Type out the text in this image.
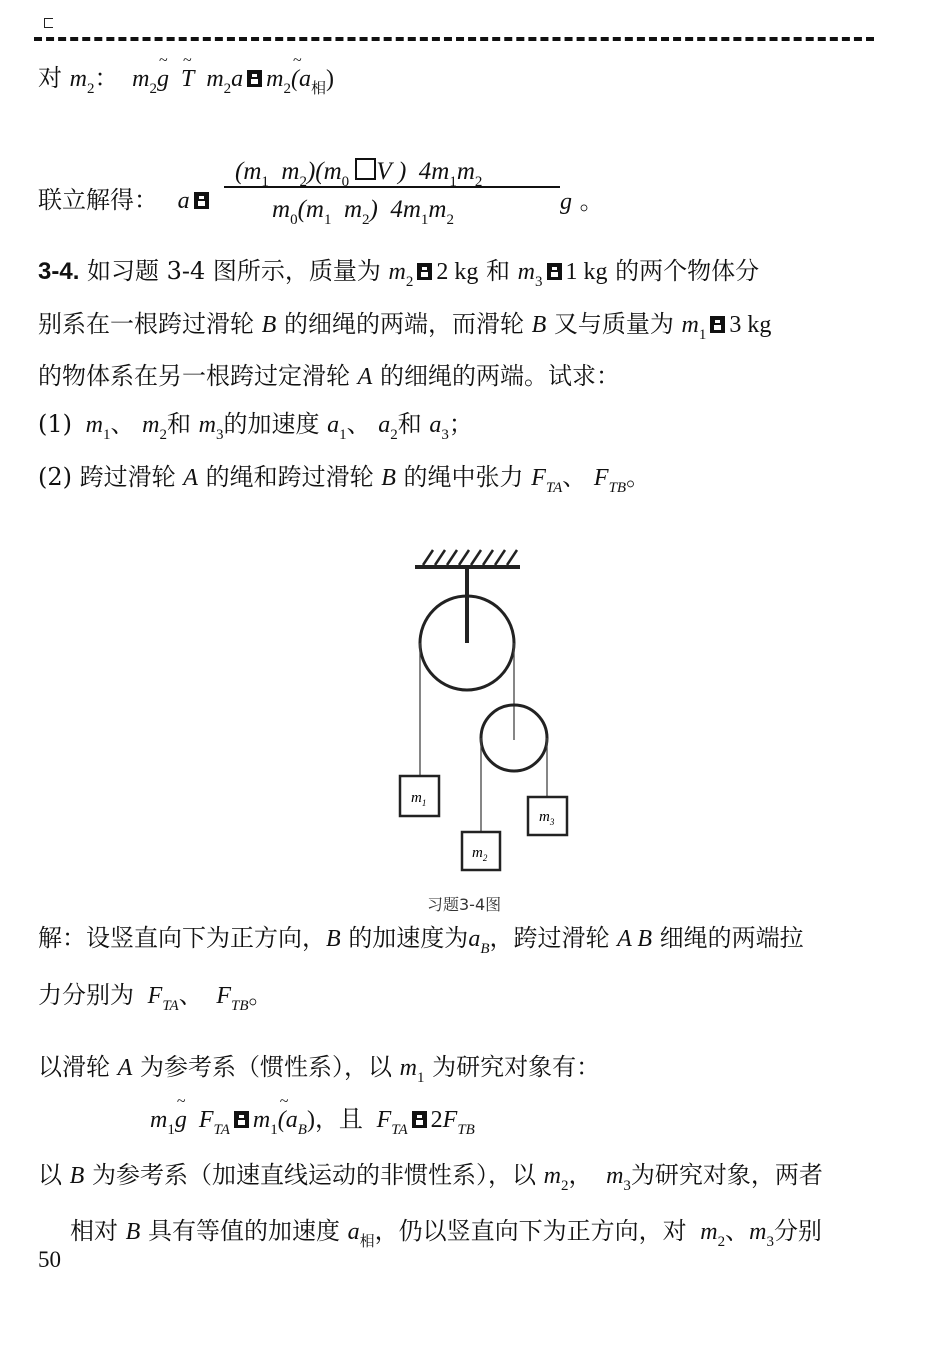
对 $m_2$：  $m_2\sim$ g  ~ T  $m_2a$ $m_2\sim$ $(a_相)$
联立解得：   a
($m_1$  $m_2)(m_0$ V )  $4m_1m_2$
$m_0(m_1$  $m_2$)  $4m_1m_2$
g 。
3-4. 如习题 3-4 图所示，质量为 $m_2$ 2 kg 和 $m_3$ 1 kg 的两个物体分
别系在一根跨过滑轮 B 的细绳的两端，而滑轮 B 又与质量为 $m_1$ 3 kg
的物体系在另一根跨过定滑轮 A 的细绳的两端。试求：
(1)  $m_1$、 $m_2$和 $m_3$的加速度 $a_1$、 $a_2$和 $a_3$；
(2) 跨过滑轮 A 的绳和跨过滑轮 B 的绳中张力 $F_{TA}$、 $F_{TB}$。
$m_1$
$m_2$
$m_3$
习题3-4图
解：设竖直向下为正方向，B 的加速度为$a_B$，跨过滑轮 A B 细绳的两端拉
力分别为  $F_{TA}$、  $F_{TB}$。
以滑轮 A 为参考系（惯性系），以 $m_1$ 为研究对象有：
$m_1\sim$ g  $F_{TA}$ $m_1\sim$ $(a_B)$，且  $F_{TA}$ $2F_{TB}$
以 B 为参考系（加速直线运动的非惯性系），以 $m_2$，  $m_3$为研究对象，两者
相对 B 具有等值的加速度 $a_相$，仍以竖直向下为正方向，对  $m_2$、$m_3$分别
50
